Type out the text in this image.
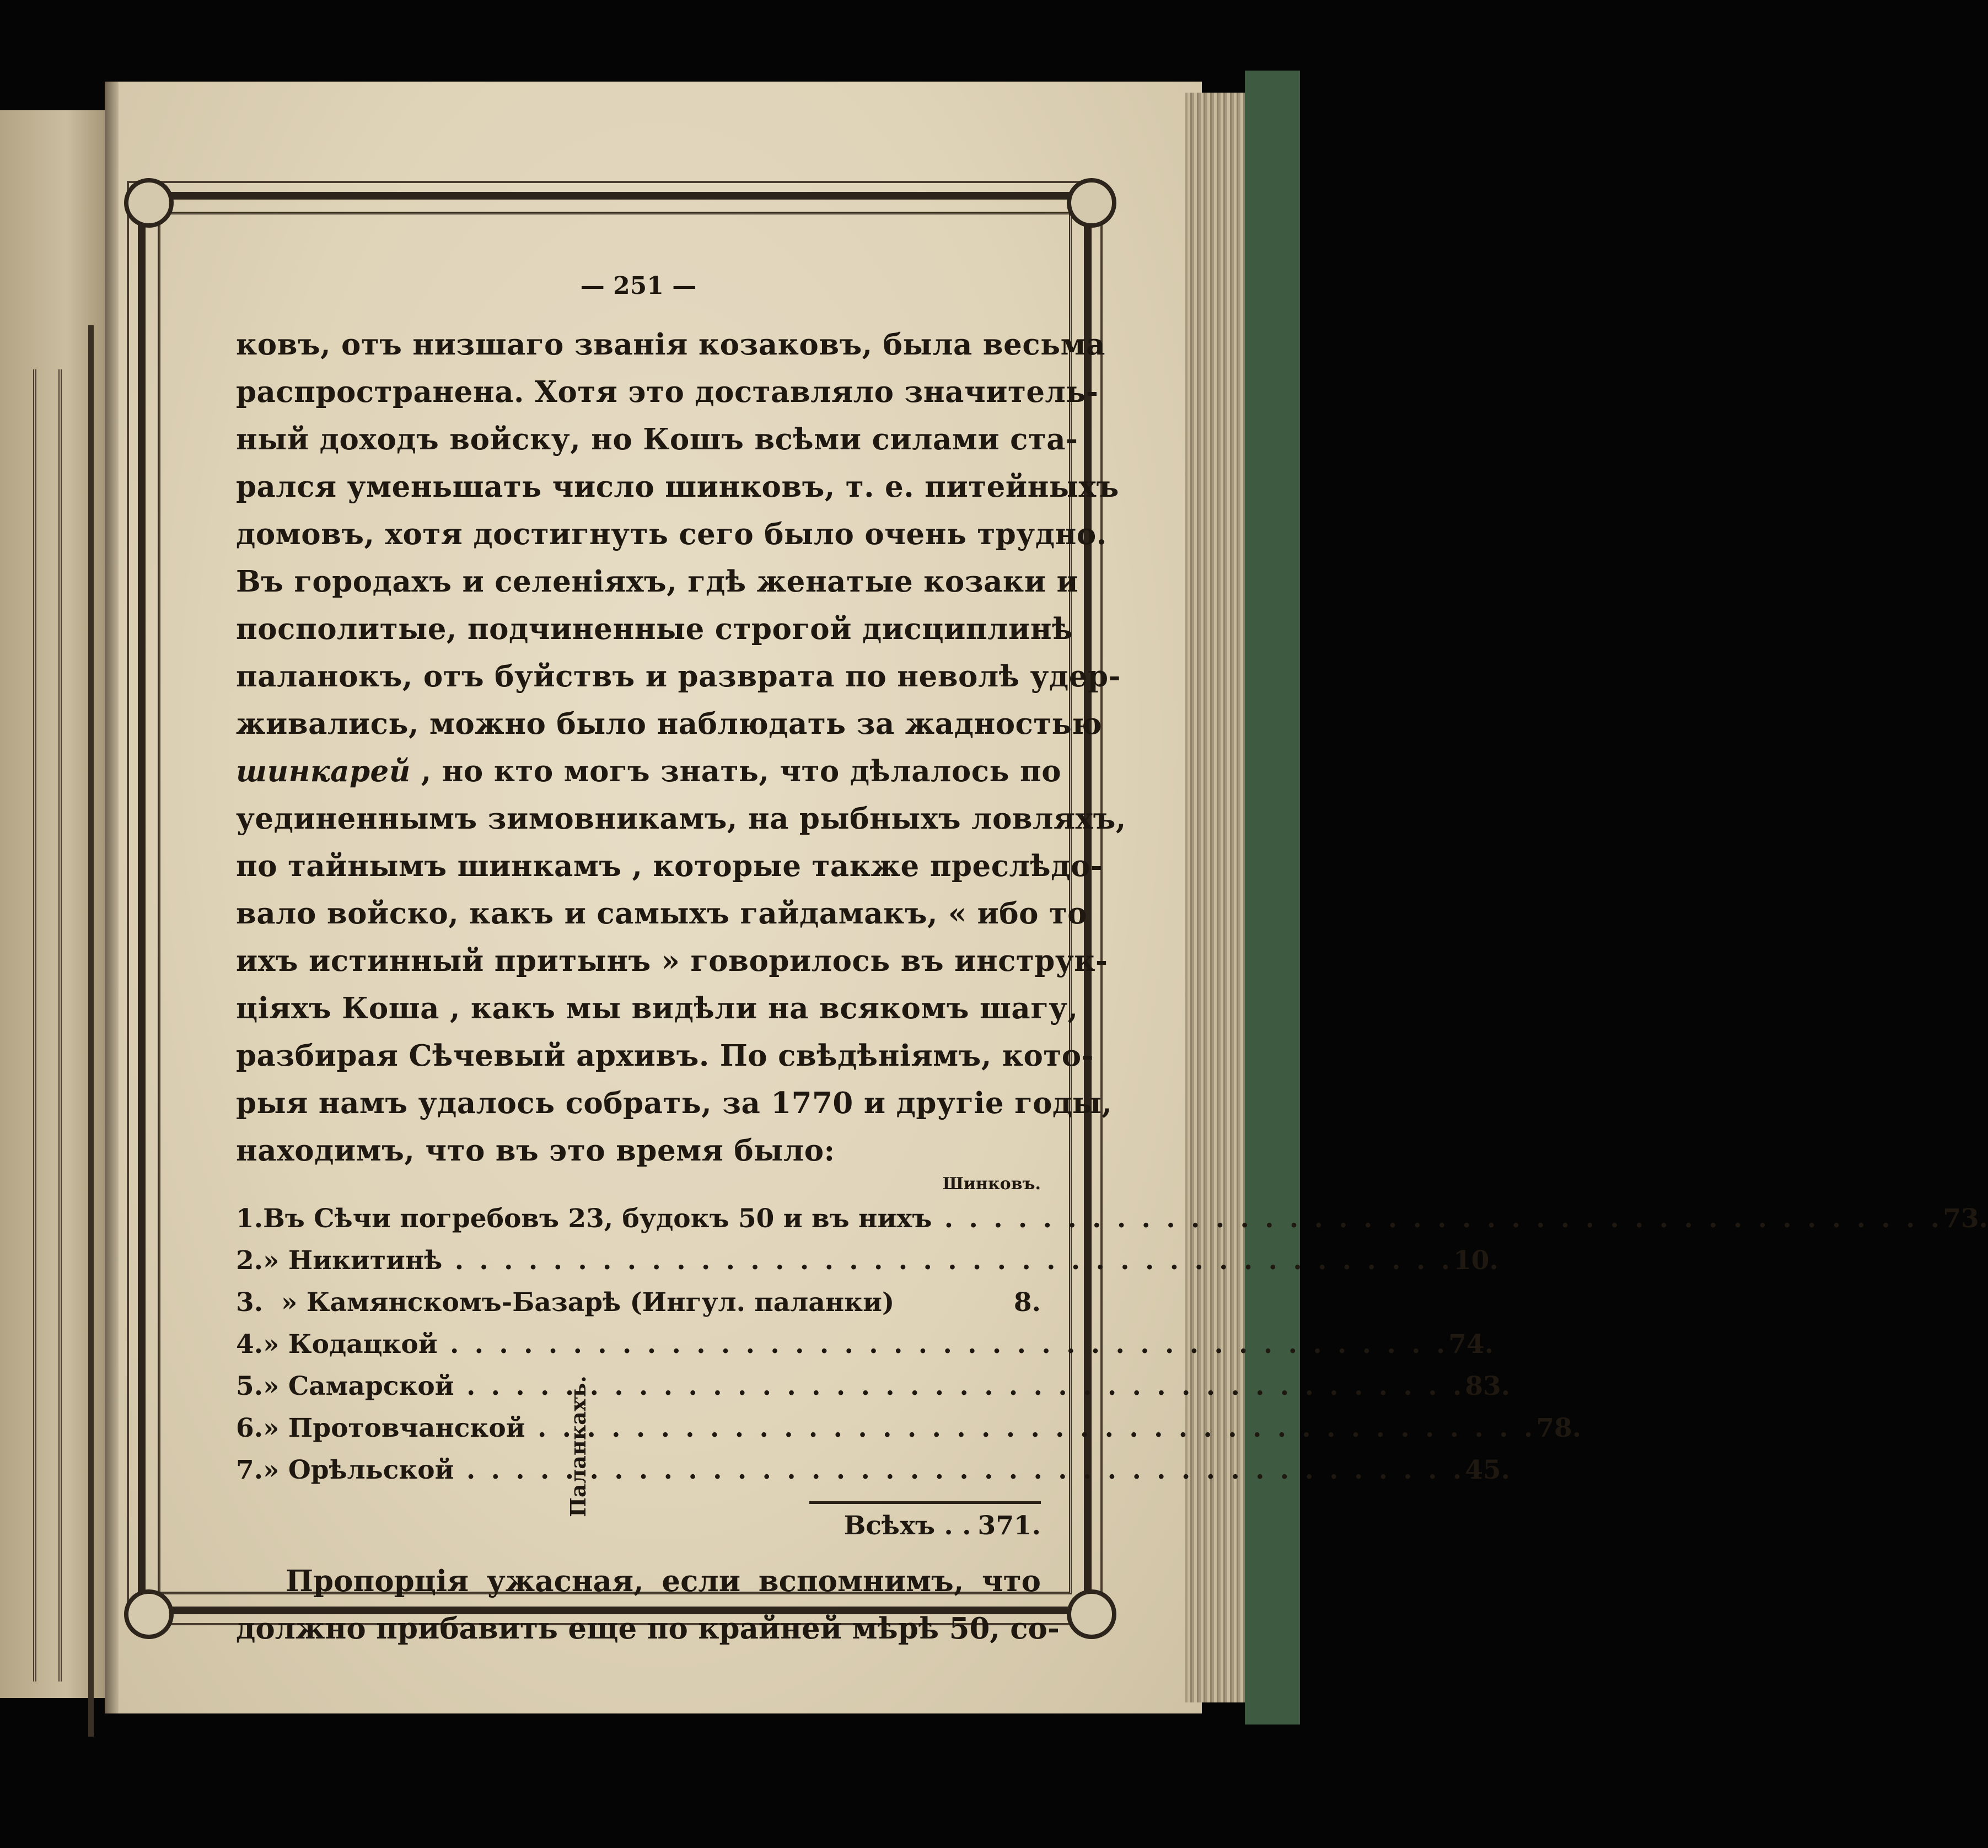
— 251 —

ковъ, отъ низшаго званія козаковъ, была весьма

распространена. Хотя это доставляло значитель-

ный доходъ войску, но Кошъ всѣми силами ста-

рался уменьшать число шинковъ, т. е. питейныхъ

домовъ, хотя достигнуть сего было очень трудно.

Въ городахъ и селеніяхъ, гдѣ женатые козаки и

посполитые, подчиненные строгой дисциплинѣ

паланокъ, отъ буйствъ и разврата по неволѣ удер-

живались, можно было наблюдать за жадностью

шинкарей , но кто могъ знать, что дѣлалось по

уединеннымъ зимовникамъ, на рыбныхъ ловляхъ,

по тайнымъ шинкамъ , которые также преслѣдо-

вало войско, какъ и самыхъ гайдамакъ, « ибо то

ихъ истинный притынъ » говорилось въ инструк-

ціяхъ Коша , какъ мы видѣли на всякомъ шагу,

разбирая Сѣчевый архивъ. По свѣдѣніямъ, кото-

рыя намъ удалось собрать, за 1770 и другіе годы,

находимъ, что въ это время было:

Шинковъ.
1. Въ Сѣчи погребовъ 23, будокъ 50 и въ нихъ . . .	73.
2. » Никитинѣ . . .	10.
3. » Камянскомъ-Базарѣ (Ингул. паланки)	8.
4. » Кодацкой . . .	74.
5. » Самарской . . .	83.
6. » Протовчанской . . .	78.
7. » Орѣльской . . .	45.
Паланкахъ.
Всѣхъ . . 371.

Пропорція ужасная, если вспомнимъ, что

должно прибавить еще по крайней мѣрѣ 50, со-
